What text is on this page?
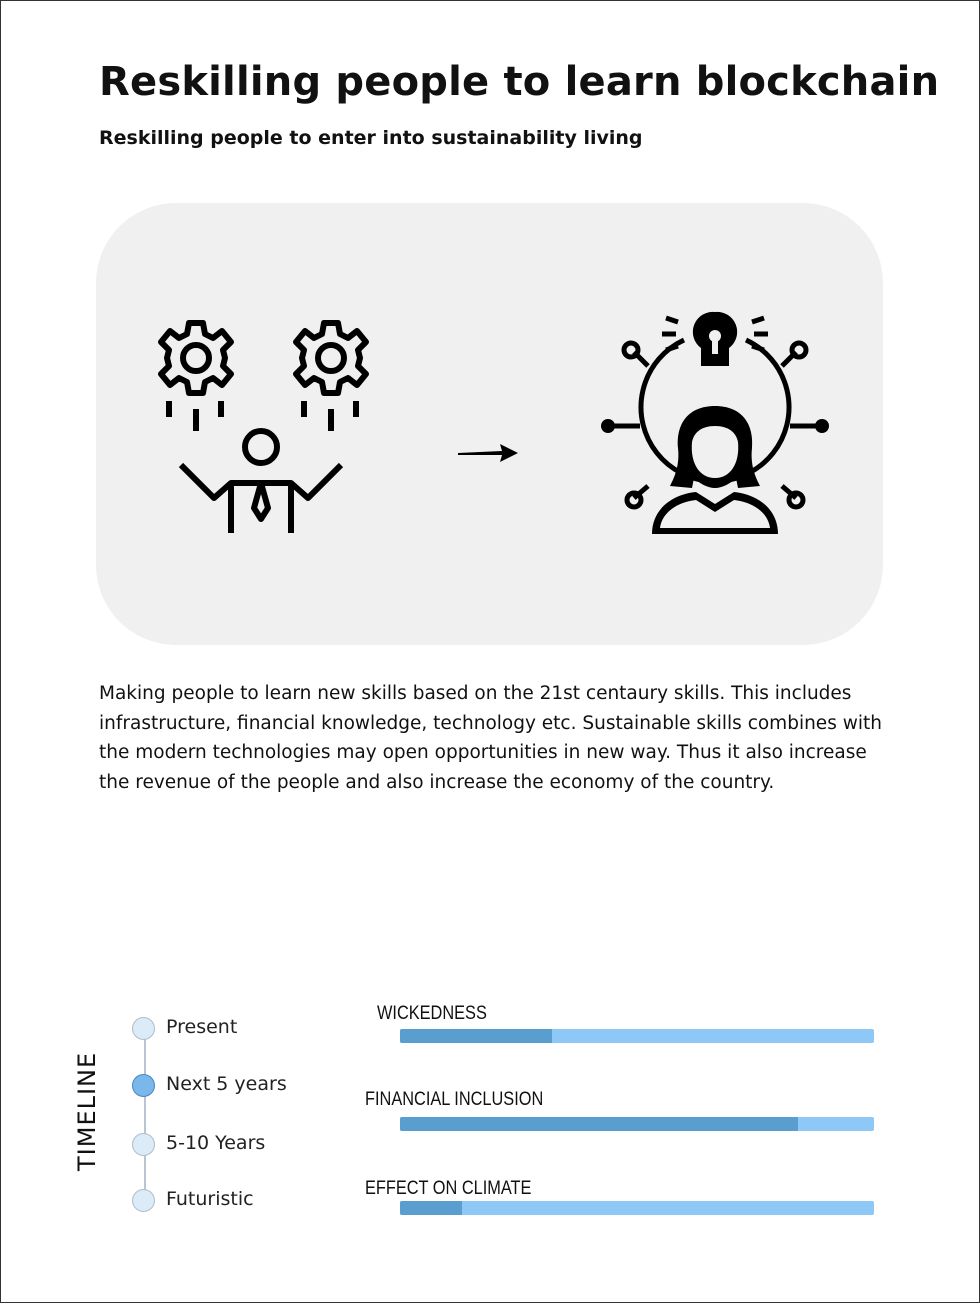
Reskilling people to learn blockchain
Reskilling people to enter into sustainability living

Making people to learn new skills based on the 21st centaury skills. This includes infrastructure, financial knowledge, technology etc. Sustainable skills combines with the modern technologies may open opportunities in new way. Thus it also increase the revenue of the people and also increase the economy of the country.

TIMELINE
Present
Next 5 years
5-10 Years
Futuristic
WICKEDNESS
FINANCIAL INCLUSION
EFFECT ON CLIMATE
